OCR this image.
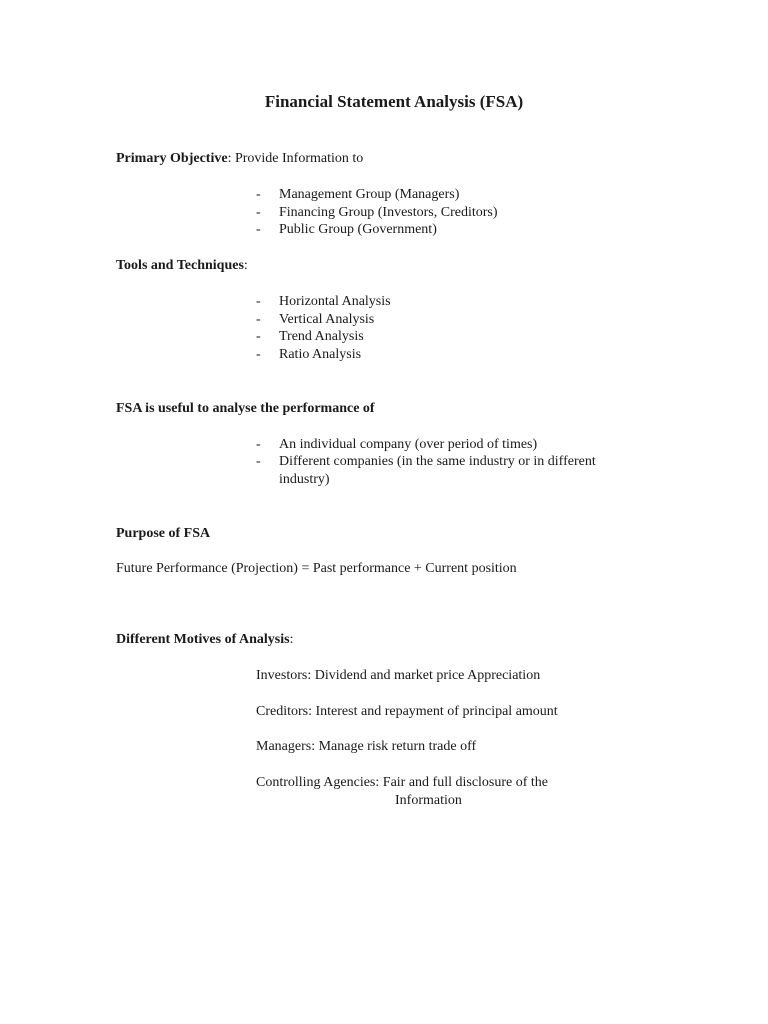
Financial Statement Analysis (FSA)
Primary Objective: Provide Information to
- Management Group (Managers)
- Financing Group (Investors, Creditors)
- Public Group (Government)
Tools and Techniques:
- Horizontal Analysis
- Vertical Analysis
- Trend Analysis
- Ratio Analysis
FSA is useful to analyse the performance of
- An individual company (over period of times)
- Different companies (in the same industry or in different industry)
Purpose of FSA
Future Performance (Projection) = Past performance + Current position
Different Motives of Analysis:
Investors: Dividend and market price Appreciation
Creditors: Interest and repayment of principal amount
Managers: Manage risk return trade off
Controlling Agencies: Fair and full disclosure of the
Information
